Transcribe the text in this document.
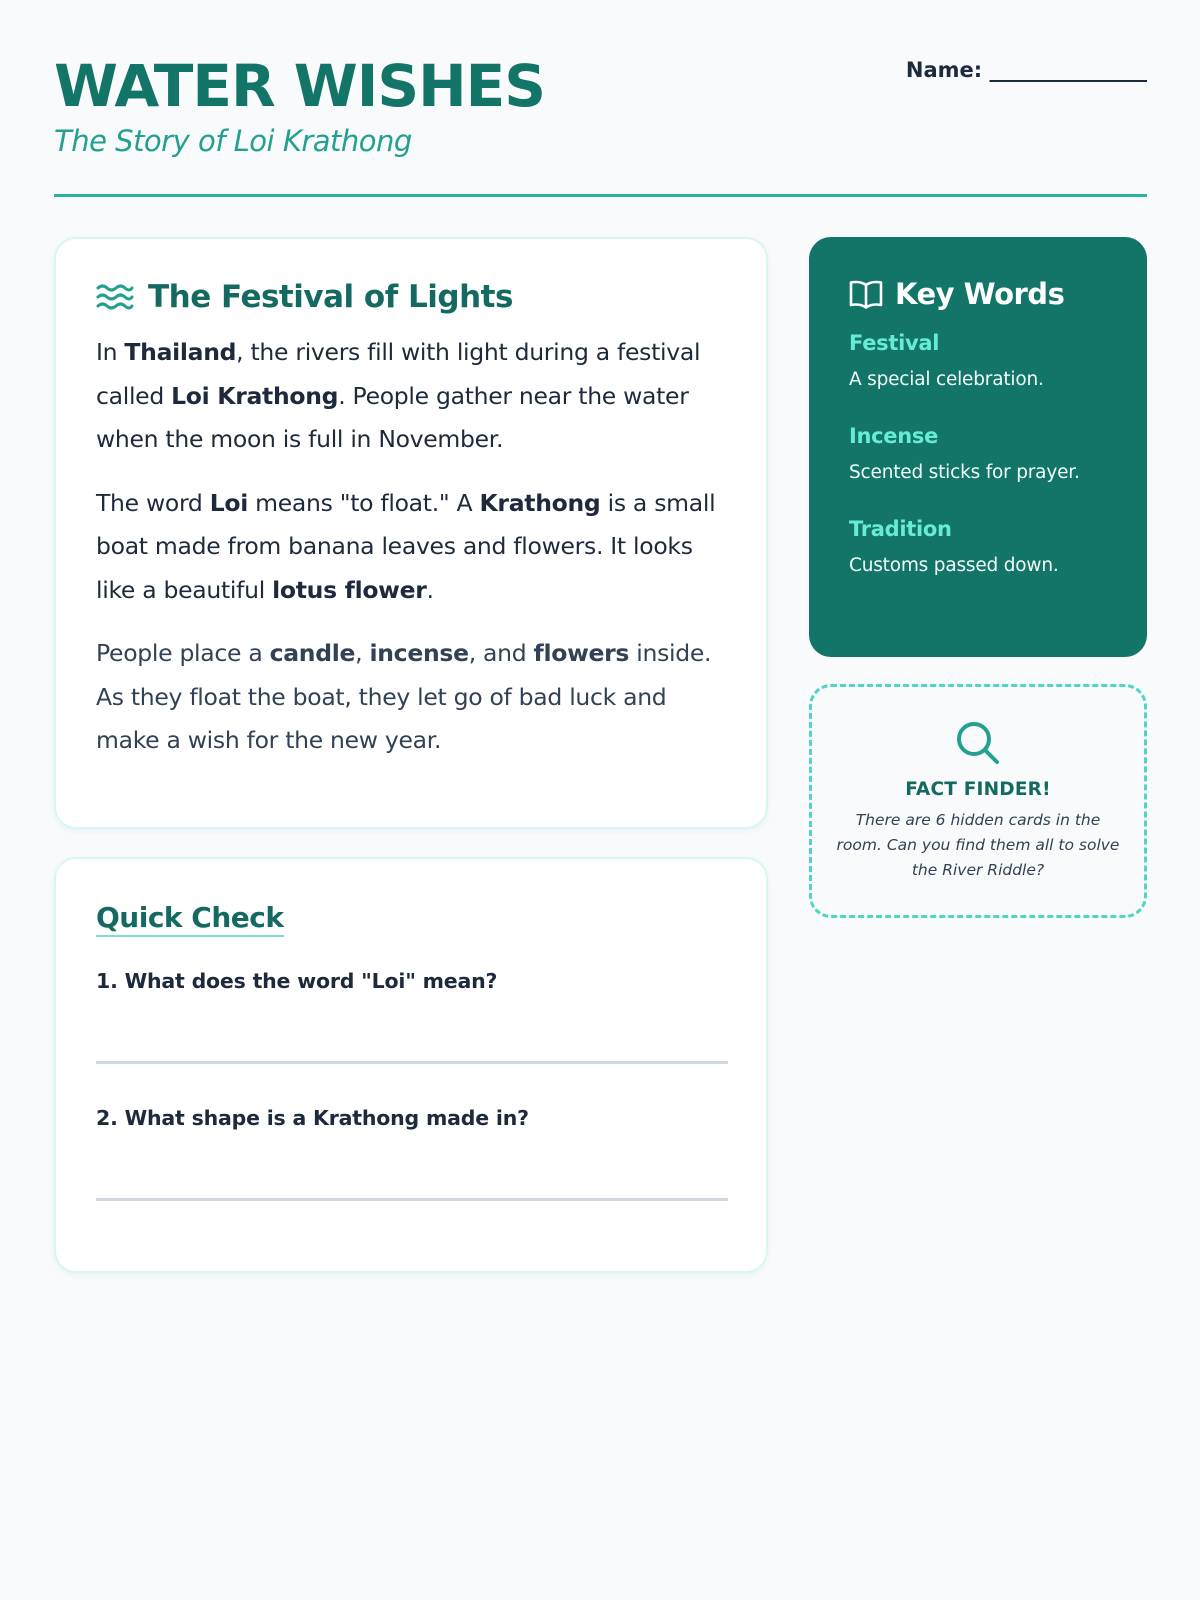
WATER WISHES
The Story of Loi Krathong
Name: _______________
The Festival of Lights

In Thailand, the rivers fill with light during a festival called Loi Krathong. People gather near the water when the moon is full in November.

The word Loi means "to float." A Krathong is a small boat made from banana leaves and flowers. It looks like a beautiful lotus flower.

People place a candle, incense, and flowers inside. As they float the boat, they let go of bad luck and make a wish for the new year.

Quick Check
1. What does the word "Loi" mean?
2. What shape is a Krathong made in?
Key Words
Festival
A special celebration.
Incense
Scented sticks for prayer.
Tradition
Customs passed down.
FACT FINDER!

There are 6 hidden cards in the room. Can you find them all to solve the River Riddle?
